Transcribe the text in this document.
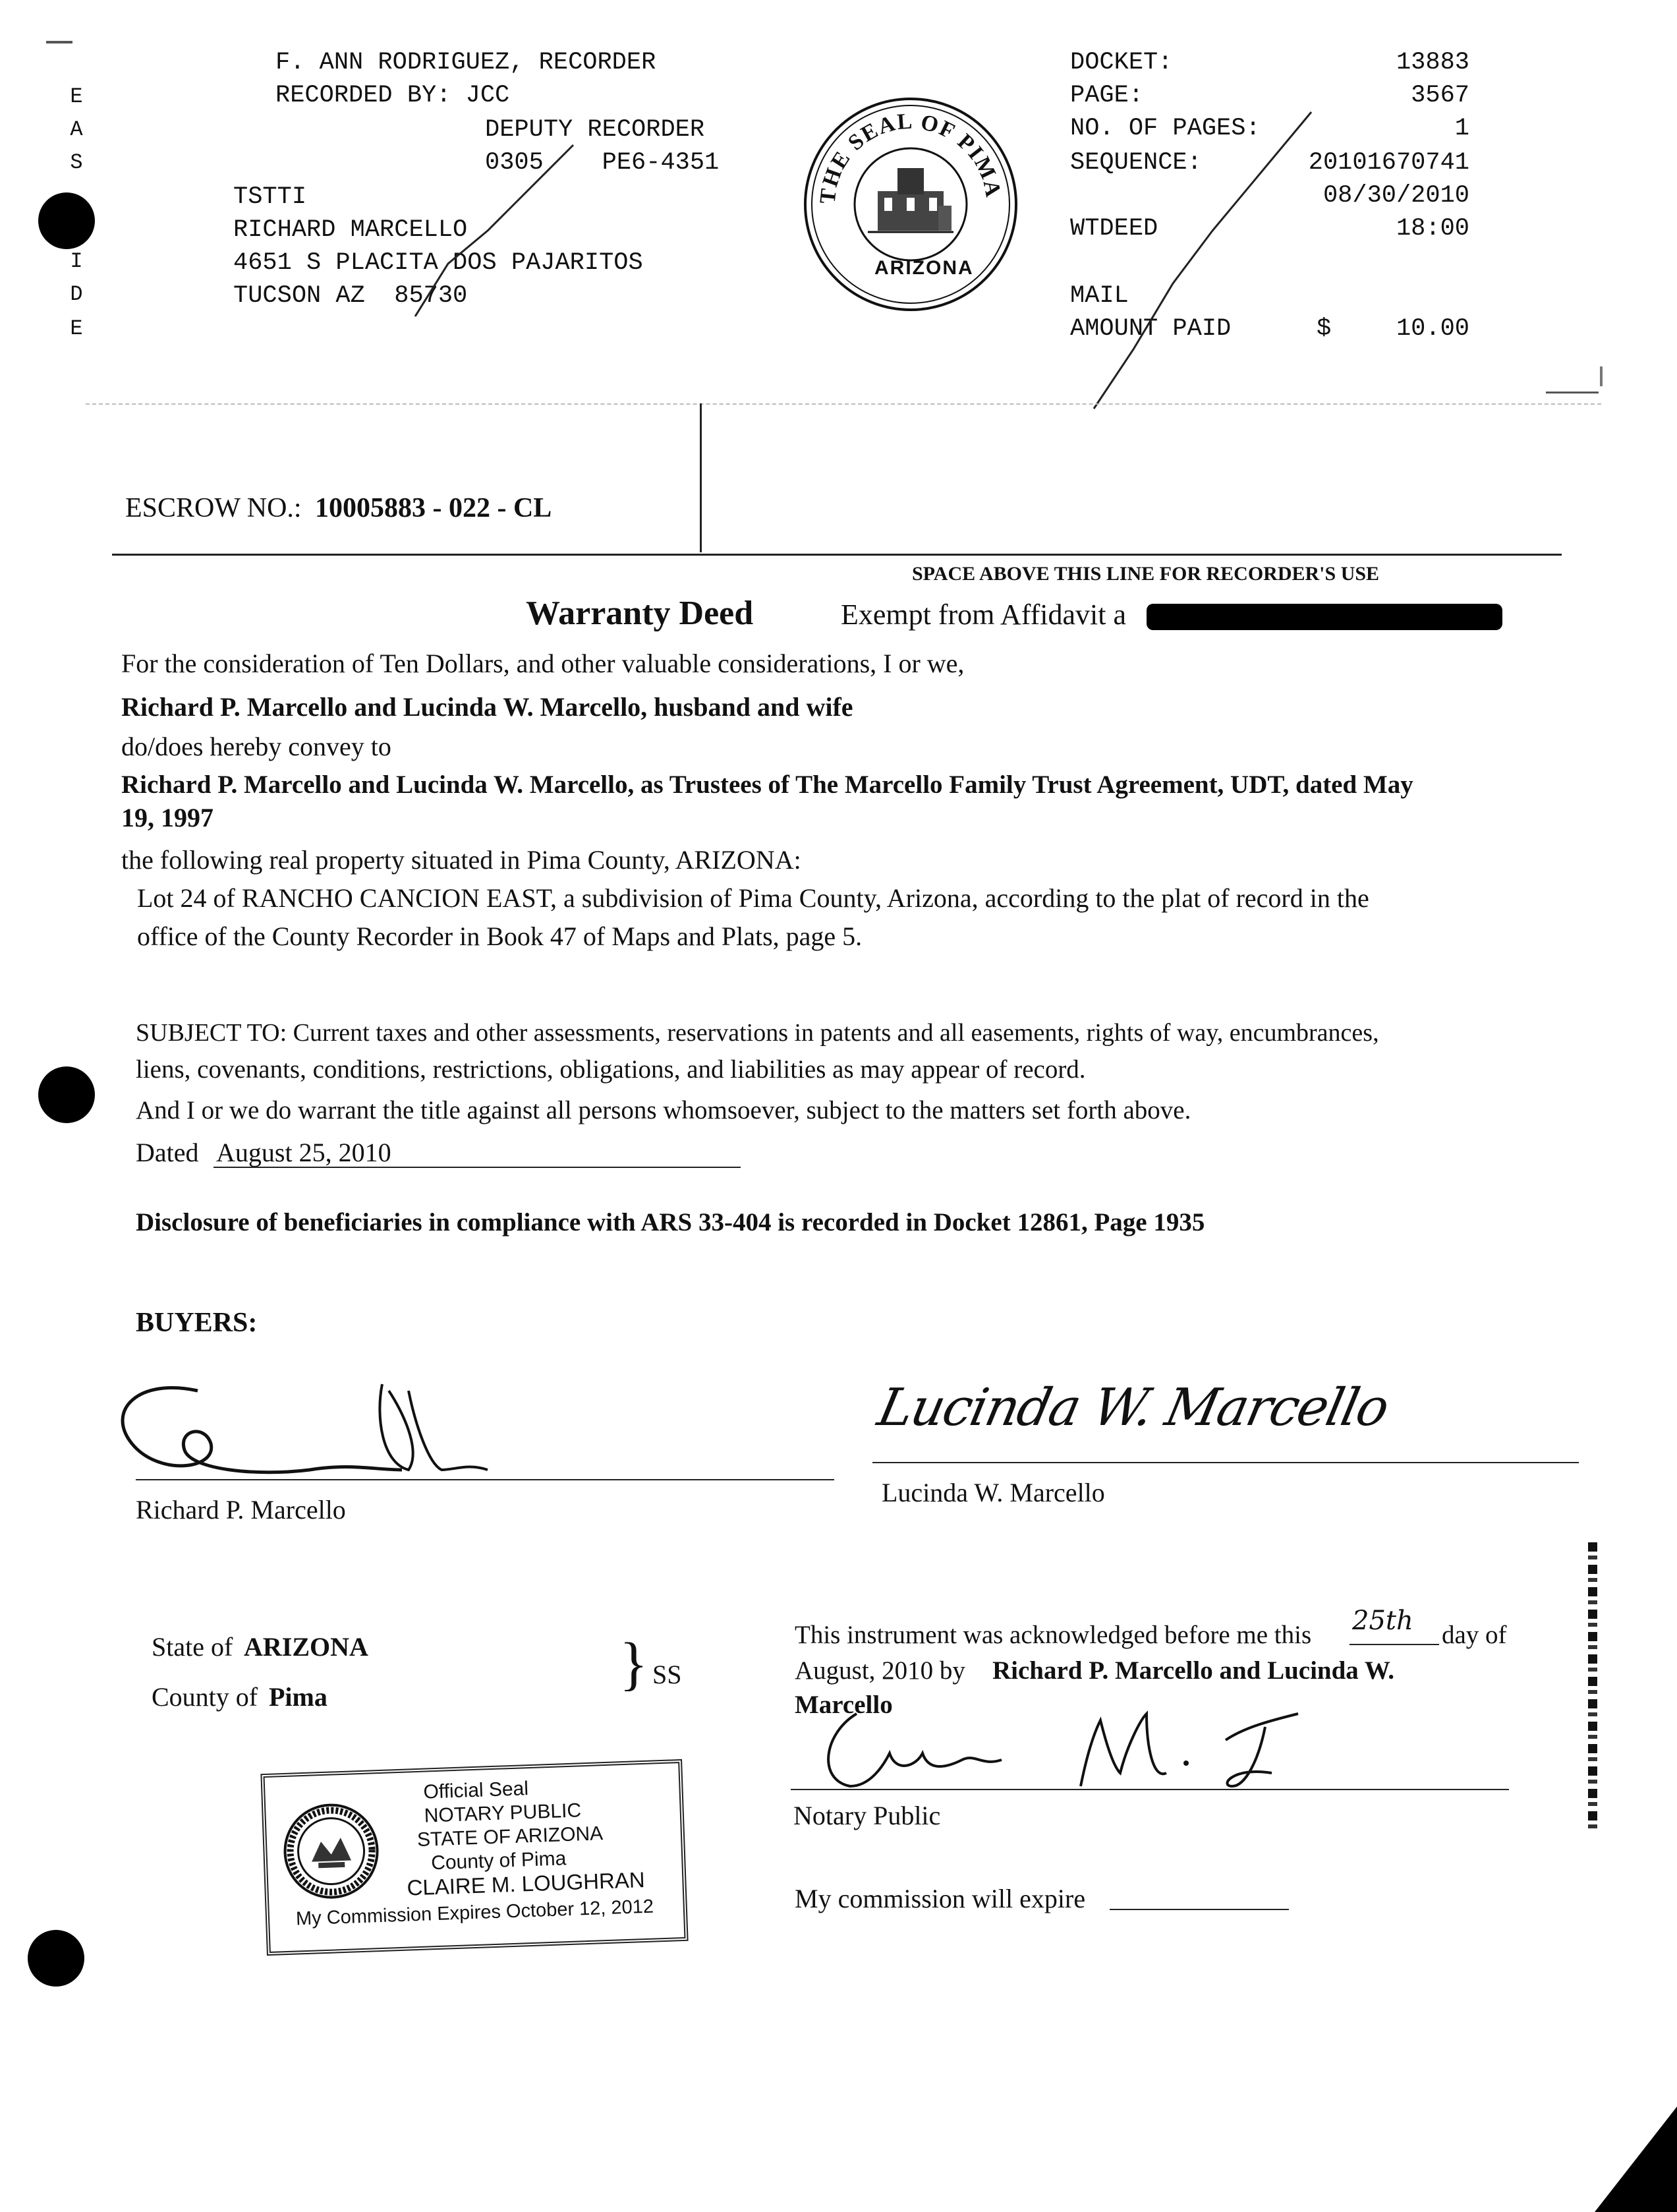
E
A
S
I
D
E
F. ANN RODRIGUEZ, RECORDER
RECORDED BY: JCC
DEPUTY RECORDER
0305    PE6-4351
TSTTI
RICHARD MARCELLO
4651 S PLACITA DOS PAJARITOS
TUCSON AZ  85730
THE SEAL OF PIMA
ARIZONA
DOCKET:	13883
PAGE:	3567
NO. OF PAGES:	1
SEQUENCE:	20101670741
08/30/2010
WTDEED	18:00
MAIL
AMOUNT PAID	$	10.00
ESCROW NO.: 10005883 - 022 - CL
SPACE ABOVE THIS LINE FOR RECORDER'S USE
Warranty Deed	Exempt from Affidavit a
For the consideration of Ten Dollars, and other valuable considerations, I or we,
Richard P. Marcello and Lucinda W. Marcello, husband and wife
do/does hereby convey to
Richard P. Marcello and Lucinda W. Marcello, as Trustees of The Marcello Family Trust Agreement, UDT, dated May
19, 1997
the following real property situated in Pima County, ARIZONA:
Lot 24 of RANCHO CANCION EAST, a subdivision of Pima County, Arizona, according to the plat of record in the
office of the County Recorder in Book 47 of Maps and Plats, page 5.
SUBJECT TO: Current taxes and other assessments, reservations in patents and all easements, rights of way, encumbrances,
liens, covenants, conditions, restrictions, obligations, and liabilities as may appear of record.
And I or we do warrant the title against all persons whomsoever, subject to the matters set forth above.
Dated August 25, 2010
Disclosure of beneficiaries in compliance with ARS 33-404 is recorded in Docket 12861, Page 1935
BUYERS:
Richard P. Marcello
Lucinda W. Marcello
Lucinda W. Marcello
State of ARIZONA
County of Pima
} SS
This instrument was acknowledged before me this 25th day of
August, 2010 by Richard P. Marcello and Lucinda W.
Marcello
Notary Public
My commission will expire
Official Seal
NOTARY PUBLIC
STATE OF ARIZONA
County of Pima
CLAIRE M. LOUGHRAN
My Commission Expires October 12, 2012
